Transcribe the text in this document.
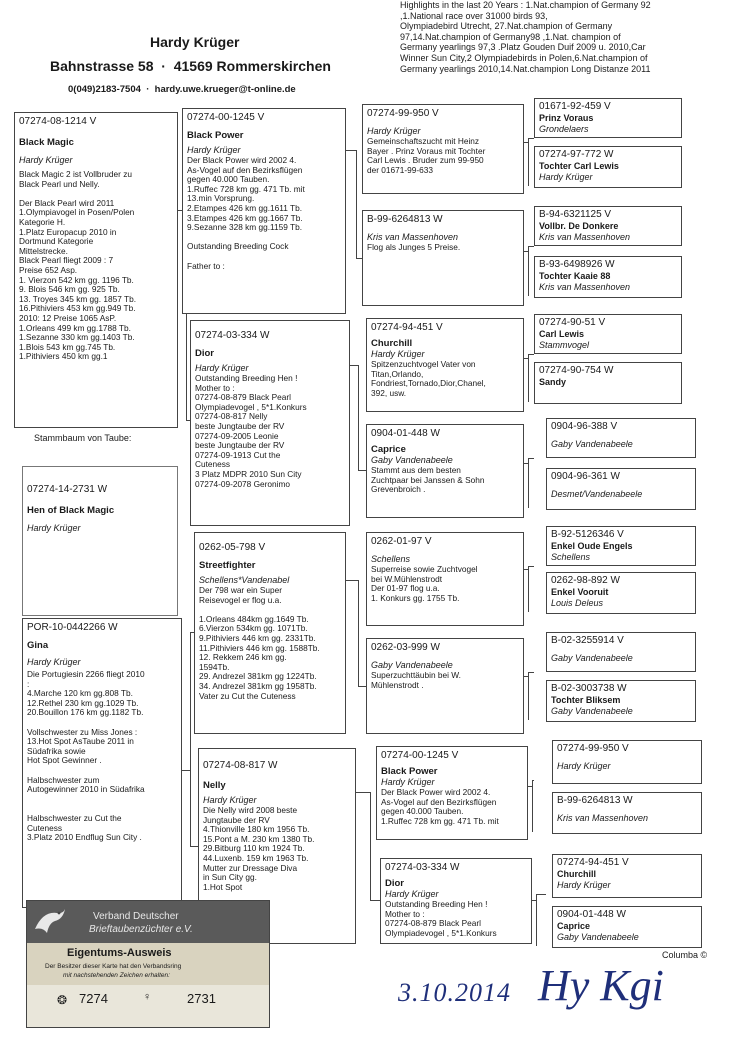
Hardy Krüger
Bahnstrasse 58  ·  41569 Rommerskirchen
0(049)2183-7504 · hardy.uwe.krueger@t-online.de
Highlights in the last 20 Years : 1.Nat.champion of Germany 92
,1.National race over 31000 birds 93,
Olympiadebird Utrecht, 27.Nat.champion of Germany
97,14.Nat.champion of Germany98 ,1.Nat. champion of
Germany yearlings 97,3 .Platz Gouden Duif 2009 u. 2010,Car
Winner Sun City,2 Olympiadebirds in Polen,6.Nat.champion of
Germany yearlings 2010,14.Nat.champion Long Distanze 2011
07274-08-1214 V
Black Magic
Hardy Krüger
Black Magic 2 ist Vollbruder zu
Black Pearl und Nelly.
Der Black Pearl wird 2011
1.Olympiavogel in Posen/Polen
Kategorie H.
1.Platz Europacup 2010 in
Dortmund Kategorie
Mittelstrecke.
Black Pearl fliegt 2009 : 7
Preise 652 Asp.
1. Vierzon 542 km gg. 1196 Tb.
9. Blois 546 km gg. 925 Tb.
13. Troyes 345 km gg. 1857 Tb.
16.Pithiviers 453 km gg.949 Tb.
2010: 12 Preise 1065 AsP.
1.Orleans 499 km gg.1788 Tb.
1.Sezanne 330 km gg.1403 Tb.
1.Blois 543 km gg.745 Tb.
1.Pithiviers 450 km gg.1
Stammbaum von Taube:
07274-14-2731 W
Hen of Black Magic
Hardy Krüger
POR-10-0442266 W
Gina
Hardy Krüger
Die Portugiesin 2266 fliegt 2010
:
4.Marche 120 km gg.808 Tb.
12.Rethel 230 km gg.1029 Tb.
20.Bouillon 176 km gg.1182 Tb.
Vollschwester zu Miss Jones :
13.Hot Spot AsTaube 2011 in
Südafrika sowie
Hot Spot Gewinner .
Halbschwester zum
Autogewinner 2010 in Südafrika
Halbschwester zu Cut the
Cuteness
3.Platz 2010 Endflug Sun City .
07274-00-1245 V
Black Power
Hardy Krüger
Der Black Power wird 2002 4.
As-Vogel auf den Bezirksflügen
gegen 40.000 Tauben.
1.Ruffec 728 km gg. 471 Tb. mit
13.min Vorsprung.
2.Etampes 426 km gg.1611 Tb.
3.Etampes 426 km gg.1667 Tb.
9.Sezanne 328 km gg.1159 Tb.
Outstanding Breeding Cock
Father to :
07274-03-334 W
Dior
Hardy Krüger
Outstanding Breeding Hen !
Mother to :
07274-08-879 Black Pearl
Olympiadevogel , 5*1.Konkurs
07274-08-817 Nelly
beste Jungtaube der RV
07274-09-2005 Leonie
beste Jungtaube der RV
07274-09-1913 Cut the
Cuteness
3 Platz MDPR 2010 Sun City
07274-09-2078 Geronimo
0262-05-798 V
Streetfighter
Schellens*Vandenabel
Der 798 war ein Super
Reisevogel er flog u.a.
1.Orleans 484km gg.1649 Tb.
6.Vierzon 534km gg. 1071Tb.
9.Pithiviers 446 km gg. 2331Tb.
11.Pithiviers 446 km gg. 1588Tb.
12. Rekkem 246 km gg.
1594Tb.
29. Andrezel 381km gg 1224Tb.
34. Andrezel 381km gg 1958Tb.
Vater zu Cut the Cuteness
07274-08-817 W
Nelly
Hardy Krüger
Die Nelly wird 2008 beste
Jungtaube der RV
4.Thionville 180 km 1956 Tb.
15.Pont a M. 230 km 1380 Tb.
29.Bitburg 110 km 1924 Tb.
44.Luxenb. 159 km 1963 Tb.
Mutter zur Dressage Diva
in Sun City gg.
1.Hot Spot
07274-99-950 V
Hardy Krüger
Gemeinschaftszucht mit Heinz
Bayer . Prinz Voraus mit Tochter
Carl Lewis . Bruder zum 99-950
der 01671-99-633
B-99-6264813 W
Kris van Massenhoven
Flog als Junges 5 Preise.
07274-94-451 V
Churchill
Hardy Krüger
Spitzenzuchtvogel Vater von
Titan,Orlando,
Fondriest,Tornado,Dior,Chanel,
392, usw.
0904-01-448 W
Caprice
Gaby Vandenabeele
Stammt aus dem besten
Zuchtpaar bei Janssen & Sohn
Grevenbroich .
0262-01-97 V
Schellens
Superreise sowie Zuchtvogel
bei W.Mühlenstrodt
Der 01-97 flog u.a.
1. Konkurs gg. 1755 Tb.
0262-03-999 W
Gaby Vandenabeele
Superzuchttäubin bei W.
Mühlenstrodt .
07274-00-1245 V
Black Power
Hardy Krüger
Der Black Power wird 2002 4.
As-Vogel auf den Bezirksflügen
gegen 40.000 Tauben.
1.Ruffec 728 km gg. 471 Tb. mit
07274-03-334 W
Dior
Hardy Krüger
Outstanding Breeding Hen !
Mother to :
07274-08-879 Black Pearl
Olympiadevogel , 5*1.Konkurs
01671-92-459 V
Prinz Voraus
Grondelaers
07274-97-772 W
Tochter Carl Lewis
Hardy Krüger
B-94-6321125 V
Vollbr. De Donkere
Kris van Massenhoven
B-93-6498926 W
Tochter Kaaie 88
Kris van Massenhoven
07274-90-51 V
Carl Lewis
Stammvogel
07274-90-754 W
Sandy
0904-96-388 V
Gaby Vandenabeele
0904-96-361 W
Desmet/Vandenabeele
B-92-5126346 V
Enkel Oude Engels
Schellens
0262-98-892 W
Enkel Vooruit
Louis Deleus
B-02-3255914 V
Gaby Vandenabeele
B-02-3003738 W
Tochter Bliksem
Gaby Vandenabeele
07274-99-950 V
Hardy Krüger
B-99-6264813 W
Kris van Massenhoven
07274-94-451 V
Churchill
Hardy Krüger
0904-01-448 W
Caprice
Gaby Vandenabeele
Columba ©
3.10.2014 Hy Kgi
Verband Deutscher
Brieftaubenzüchter e.V.
Eigentums-Ausweis
Der Besitzer dieser Karte hat den Verbandsring
mit nachstehenden Zeichen erhalten:
❂ 7274	♀	2731
